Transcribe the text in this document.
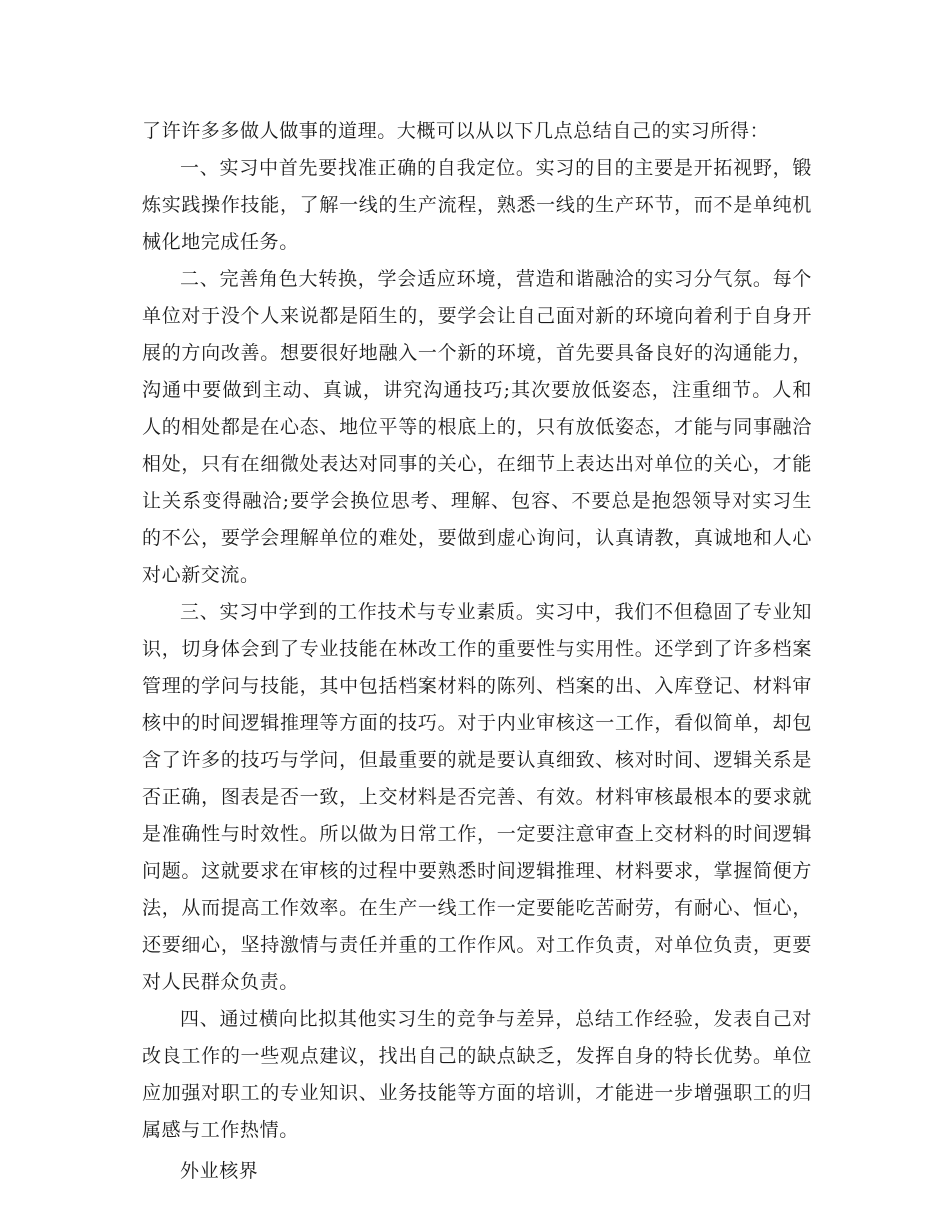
了许许多多做人做事的道理。大概可以从以下几点总结自己的实习所得：

一、实习中首先要找准正确的自我定位。实习的目的主要是开拓视野，锻炼实践操作技能，了解一线的生产流程，熟悉一线的生产环节，而不是单纯机械化地完成任务。

二、完善角色大转换，学会适应环境，营造和谐融洽的实习分气氛。每个单位对于没个人来说都是陌生的，要学会让自己面对新的环境向着利于自身开展的方向改善。想要很好地融入一个新的环境，首先要具备良好的沟通能力，沟通中要做到主动、真诚，讲究沟通技巧;其次要放低姿态，注重细节。人和人的相处都是在心态、地位平等的根底上的，只有放低姿态，才能与同事融洽相处，只有在细微处表达对同事的关心，在细节上表达出对单位的关心，才能让关系变得融洽;要学会换位思考、理解、包容、不要总是抱怨领导对实习生的不公，要学会理解单位的难处，要做到虚心询问，认真请教，真诚地和人心对心新交流。

三、实习中学到的工作技术与专业素质。实习中，我们不但稳固了专业知识，切身体会到了专业技能在林改工作的重要性与实用性。还学到了许多档案管理的学问与技能，其中包括档案材料的陈列、档案的出、入库登记、材料审核中的时间逻辑推理等方面的技巧。对于内业审核这一工作，看似简单，却包含了许多的技巧与学问，但最重要的就是要认真细致、核对时间、逻辑关系是否正确，图表是否一致，上交材料是否完善、有效。材料审核最根本的要求就是准确性与时效性。所以做为日常工作，一定要注意审查上交材料的时间逻辑问题。这就要求在审核的过程中要熟悉时间逻辑推理、材料要求，掌握简便方法，从而提高工作效率。在生产一线工作一定要能吃苦耐劳，有耐心、恒心，还要细心，坚持激情与责任并重的工作作风。对工作负责，对单位负责，更要对人民群众负责。

四、通过横向比拟其他实习生的竞争与差异，总结工作经验，发表自己对改良工作的一些观点建议，找出自己的缺点缺乏，发挥自身的特长优势。单位应加强对职工的专业知识、业务技能等方面的培训，才能进一步增强职工的归属感与工作热情。

外业核界
